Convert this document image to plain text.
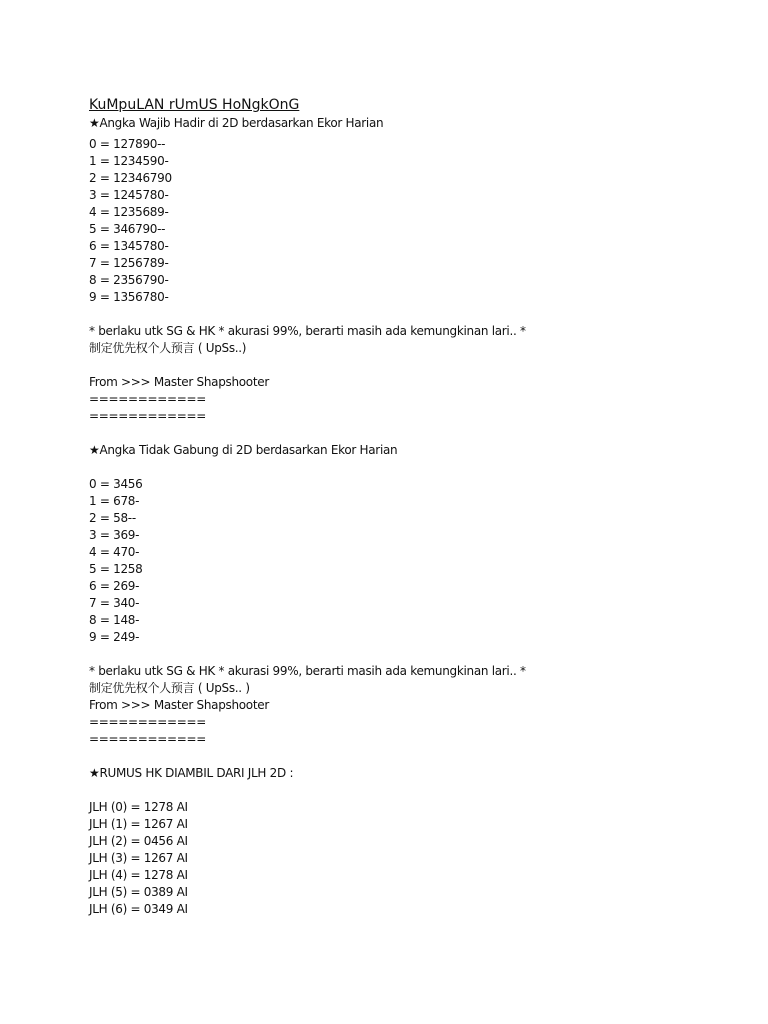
KuMpuLAN rUmUS HoNgkOnG
★Angka Wajib Hadir di 2D berdasarkan Ekor Harian
0 = 127890--
1 = 1234590-
2 = 12346790
3 = 1245780-
4 = 1235689-
5 = 346790--
6 = 1345780-
7 = 1256789-
8 = 2356790-
9 = 1356780-
* berlaku utk SG & HK * akurasi 99%, berarti masih ada kemungkinan lari.. *
制定优先权个人预言 ( UpSs..)
From >>> Master Shapshooter
============
============
★Angka Tidak Gabung di 2D berdasarkan Ekor Harian
0 = 3456
1 = 678-
2 = 58--
3 = 369-
4 = 470-
5 = 1258
6 = 269-
7 = 340-
8 = 148-
9 = 249-
* berlaku utk SG & HK * akurasi 99%, berarti masih ada kemungkinan lari.. *
制定优先权个人预言 ( UpSs.. )
From >>> Master Shapshooter
============
============
★RUMUS HK DIAMBIL DARI JLH 2D :
JLH (0) = 1278 AI
JLH (1) = 1267 AI
JLH (2) = 0456 AI
JLH (3) = 1267 AI
JLH (4) = 1278 AI
JLH (5) = 0389 AI
JLH (6) = 0349 AI
